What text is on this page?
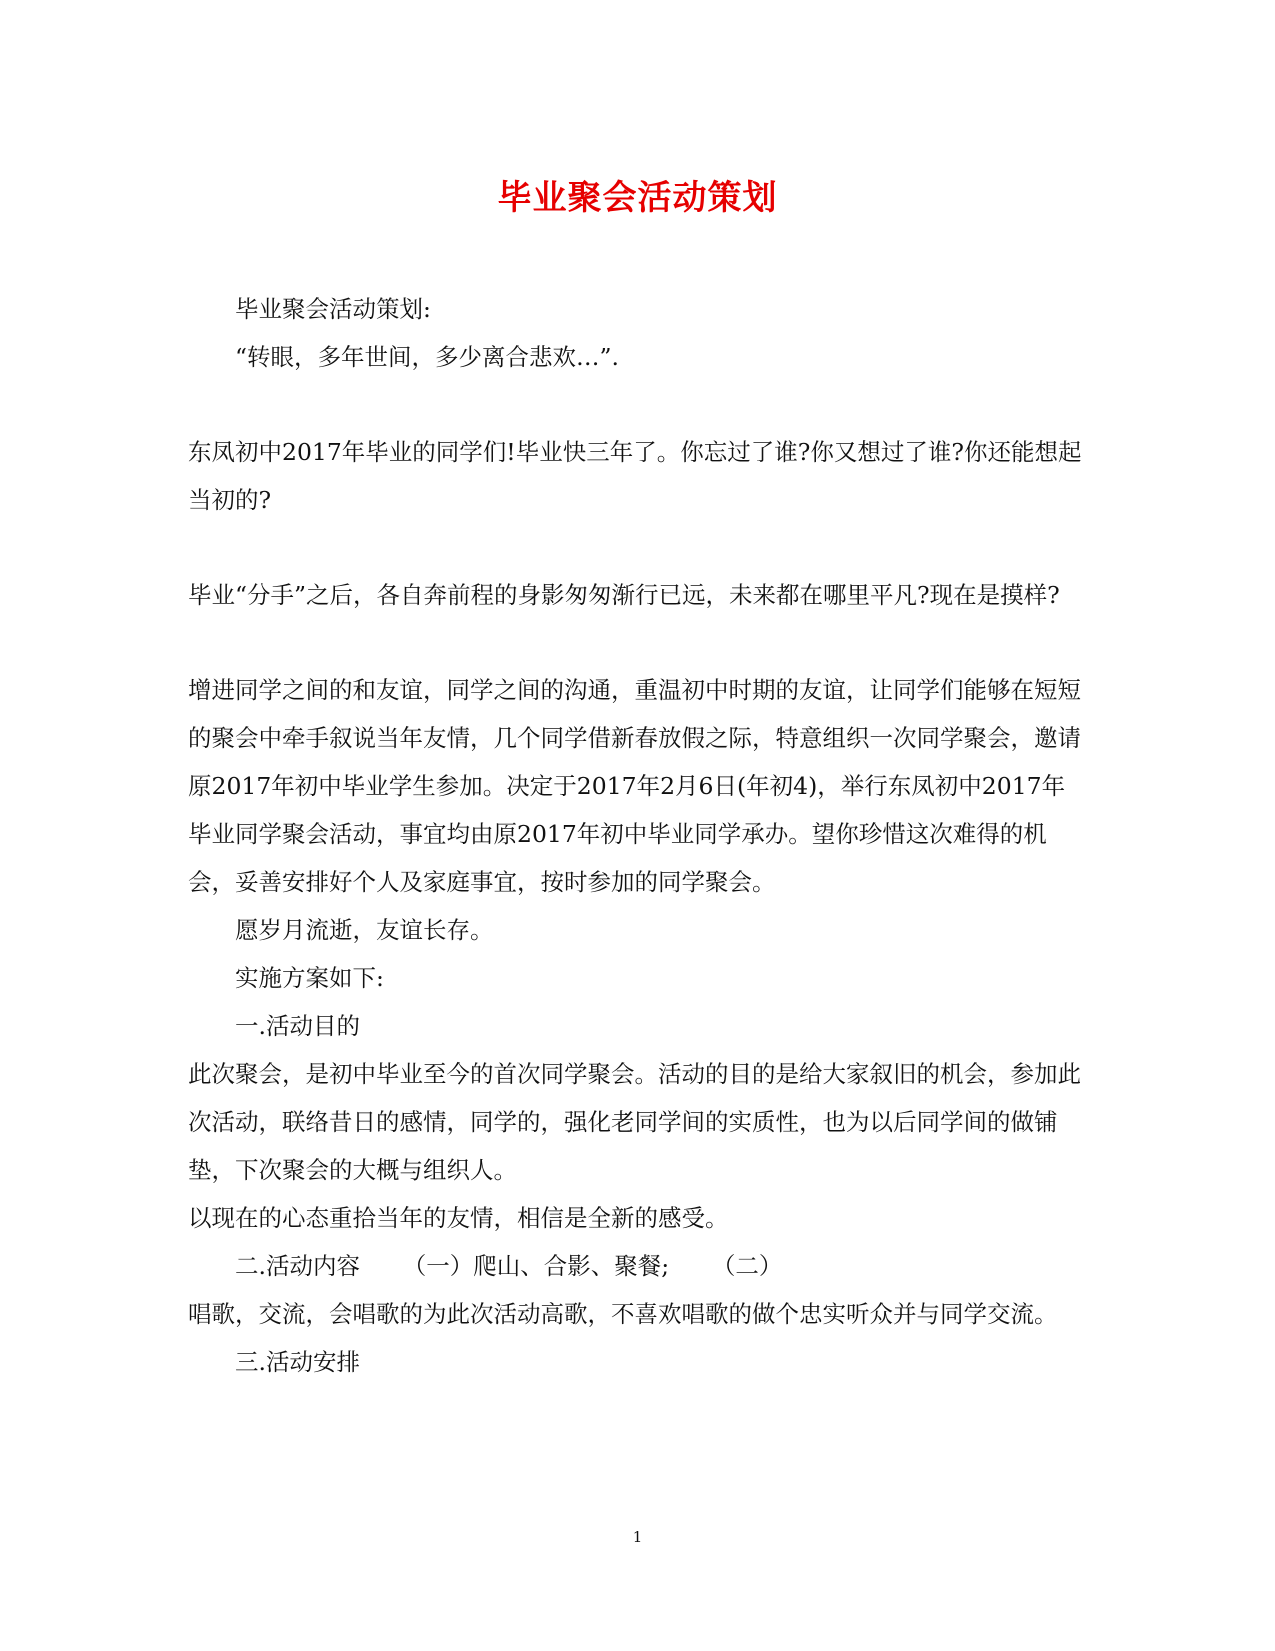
毕业聚会活动策划

毕业聚会活动策划:

“转眼，多年世间，多少离合悲欢…”.

东凤初中2017年毕业的同学们!毕业快三年了。你忘过了谁?你又想过了谁?你还能想起当初的?

毕业“分手”之后，各自奔前程的身影匆匆渐行已远，未来都在哪里平凡?现在是摸样?

增进同学之间的和友谊，同学之间的沟通，重温初中时期的友谊，让同学们能够在短短的聚会中牵手叙说当年友情，几个同学借新春放假之际，特意组织一次同学聚会，邀请原2017年初中毕业学生参加。决定于2017年2月6日(年初4)，举行东凤初中2017年毕业同学聚会活动，事宜均由原2017年初中毕业同学承办。望你珍惜这次难得的机会，妥善安排好个人及家庭事宜，按时参加的同学聚会。

愿岁月流逝，友谊长存。

实施方案如下:

一.活动目的

此次聚会，是初中毕业至今的首次同学聚会。活动的目的是给大家叙旧的机会，参加此次活动，联络昔日的感情，同学的，强化老同学间的实质性，也为以后同学间的做铺垫，下次聚会的大概与组织人。

以现在的心态重拾当年的友情，相信是全新的感受。

二.活动内容 　　（一）爬山、合影、聚餐; 　　（二）

唱歌，交流，会唱歌的为此次活动高歌，不喜欢唱歌的做个忠实听众并与同学交流。

三.活动安排

1
